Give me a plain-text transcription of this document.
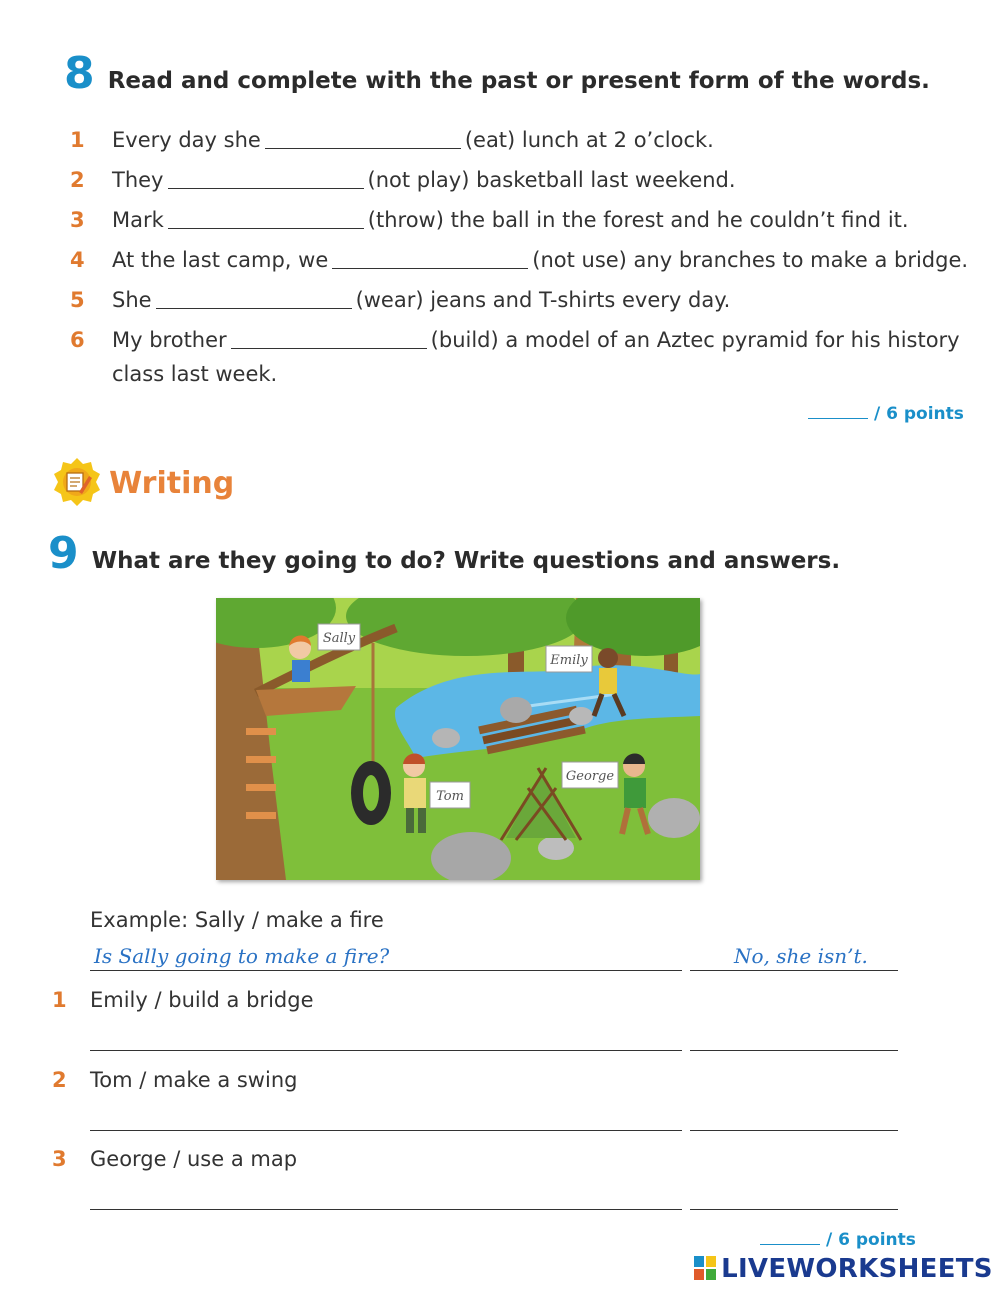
8 Read and complete with the past or present form of the words.
1 Every day she	(eat) lunch at 2 o’clock.
2 They	(not play) basketball last weekend.
3 Mark	(throw) the ball in the forest and he couldn’t find it.
4 At the last camp, we	(not use) any branches to make a bridge.
5 She	(wear) jeans and T-shirts every day.
6 My brother	(build) a model of an Aztec pyramid for his history
class last week.
/ 6 points
Writing
9 What are they going to do? Write questions and answers.
Sally
Emily
George
Tom
Example: Sally / make a fire
Is Sally going to make a fire?	No, she isn’t.
1 Emily / build a bridge
2 Tom / make a swing
3 George / use a map
/ 6 points
LIVEWORKSHEETS
